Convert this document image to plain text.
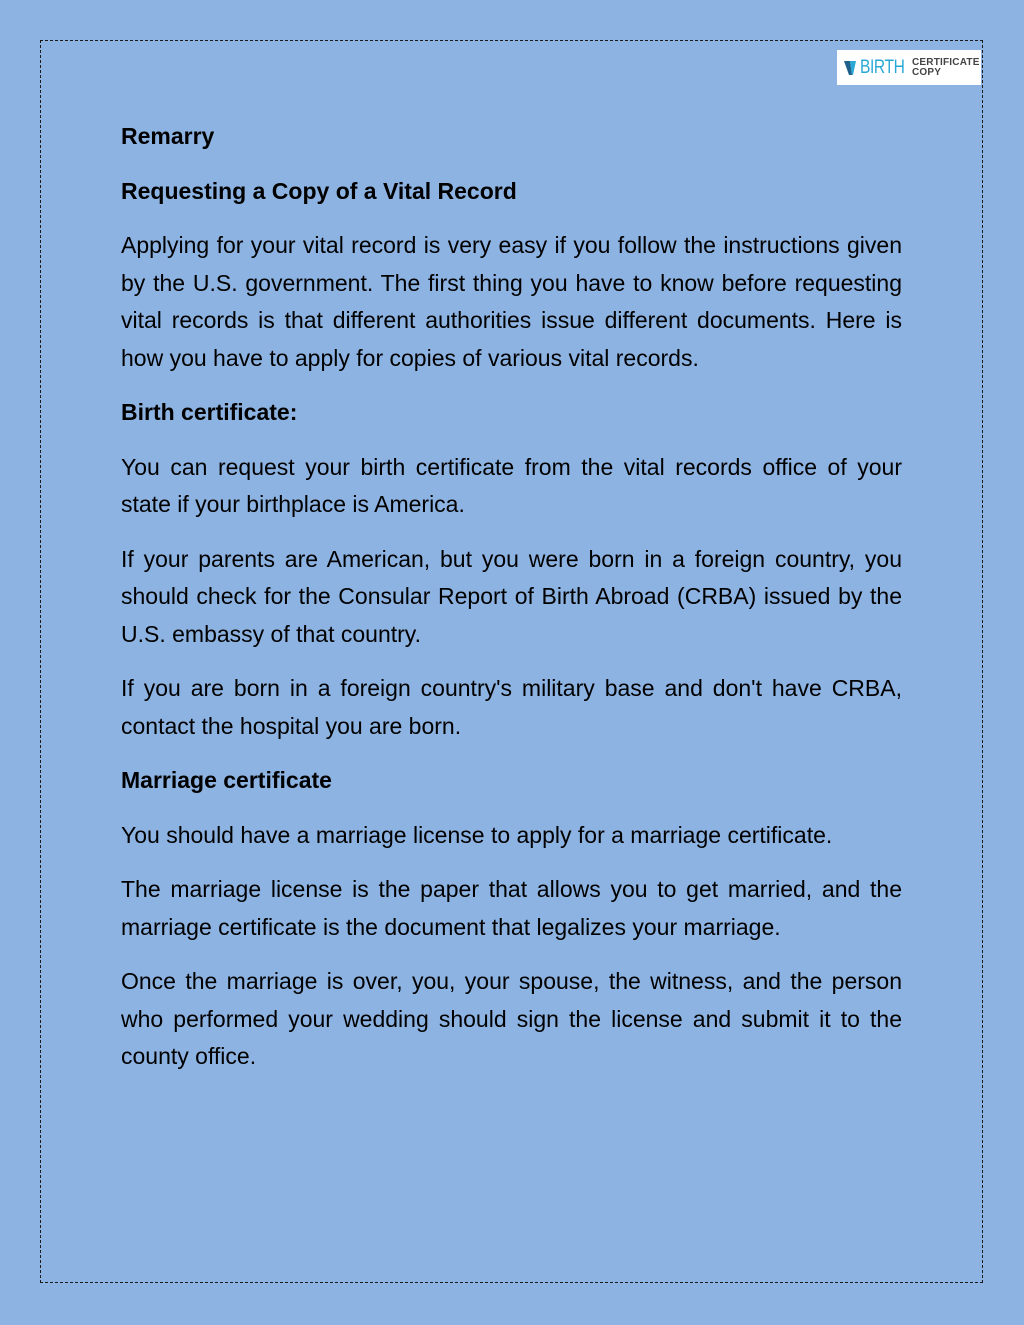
BIRTH CERTIFICATE
COPY

Remarry

Requesting a Copy of a Vital Record

Applying for your vital record is very easy if you follow the instructions given by the U.S. government. The first thing you have to know before requesting vital records is that different authorities issue different documents. Here is how you have to apply for copies of various vital records.

Birth certificate:

You can request your birth certificate from the vital records office of your state if your birthplace is America.

If your parents are American, but you were born in a foreign country, you should check for the Consular Report of Birth Abroad (CRBA) issued by the U.S. embassy of that country.

If you are born in a foreign country's military base and don't have CRBA, contact the hospital you are born.

Marriage certificate

You should have a marriage license to apply for a marriage certificate.

The marriage license is the paper that allows you to get married, and the marriage certificate is the document that legalizes your marriage.

Once the marriage is over, you, your spouse, the witness, and the person who performed your wedding should sign the license and submit it to the county office.
